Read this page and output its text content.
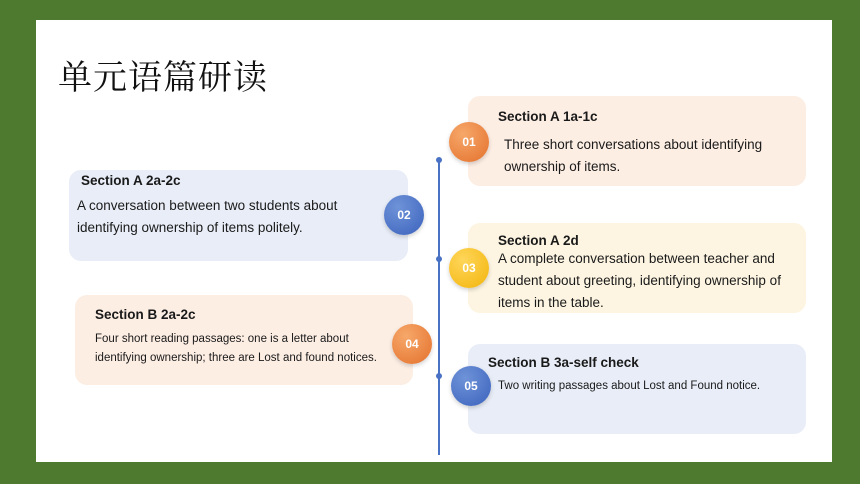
单元语篇研读
Section A 1a-1c
Three short conversations about identifying ownership of items.
01
Section A 2a-2c
A conversation between two students about identifying ownership of items politely.
02
Section A 2d
A complete conversation between teacher and student about greeting, identifying ownership of items in the table.
03
Section B 2a-2c
Four short reading passages: one is a letter about identifying ownership; three are Lost and found notices.
04
Section B 3a-self check
Two writing passages about Lost and Found notice.
05
